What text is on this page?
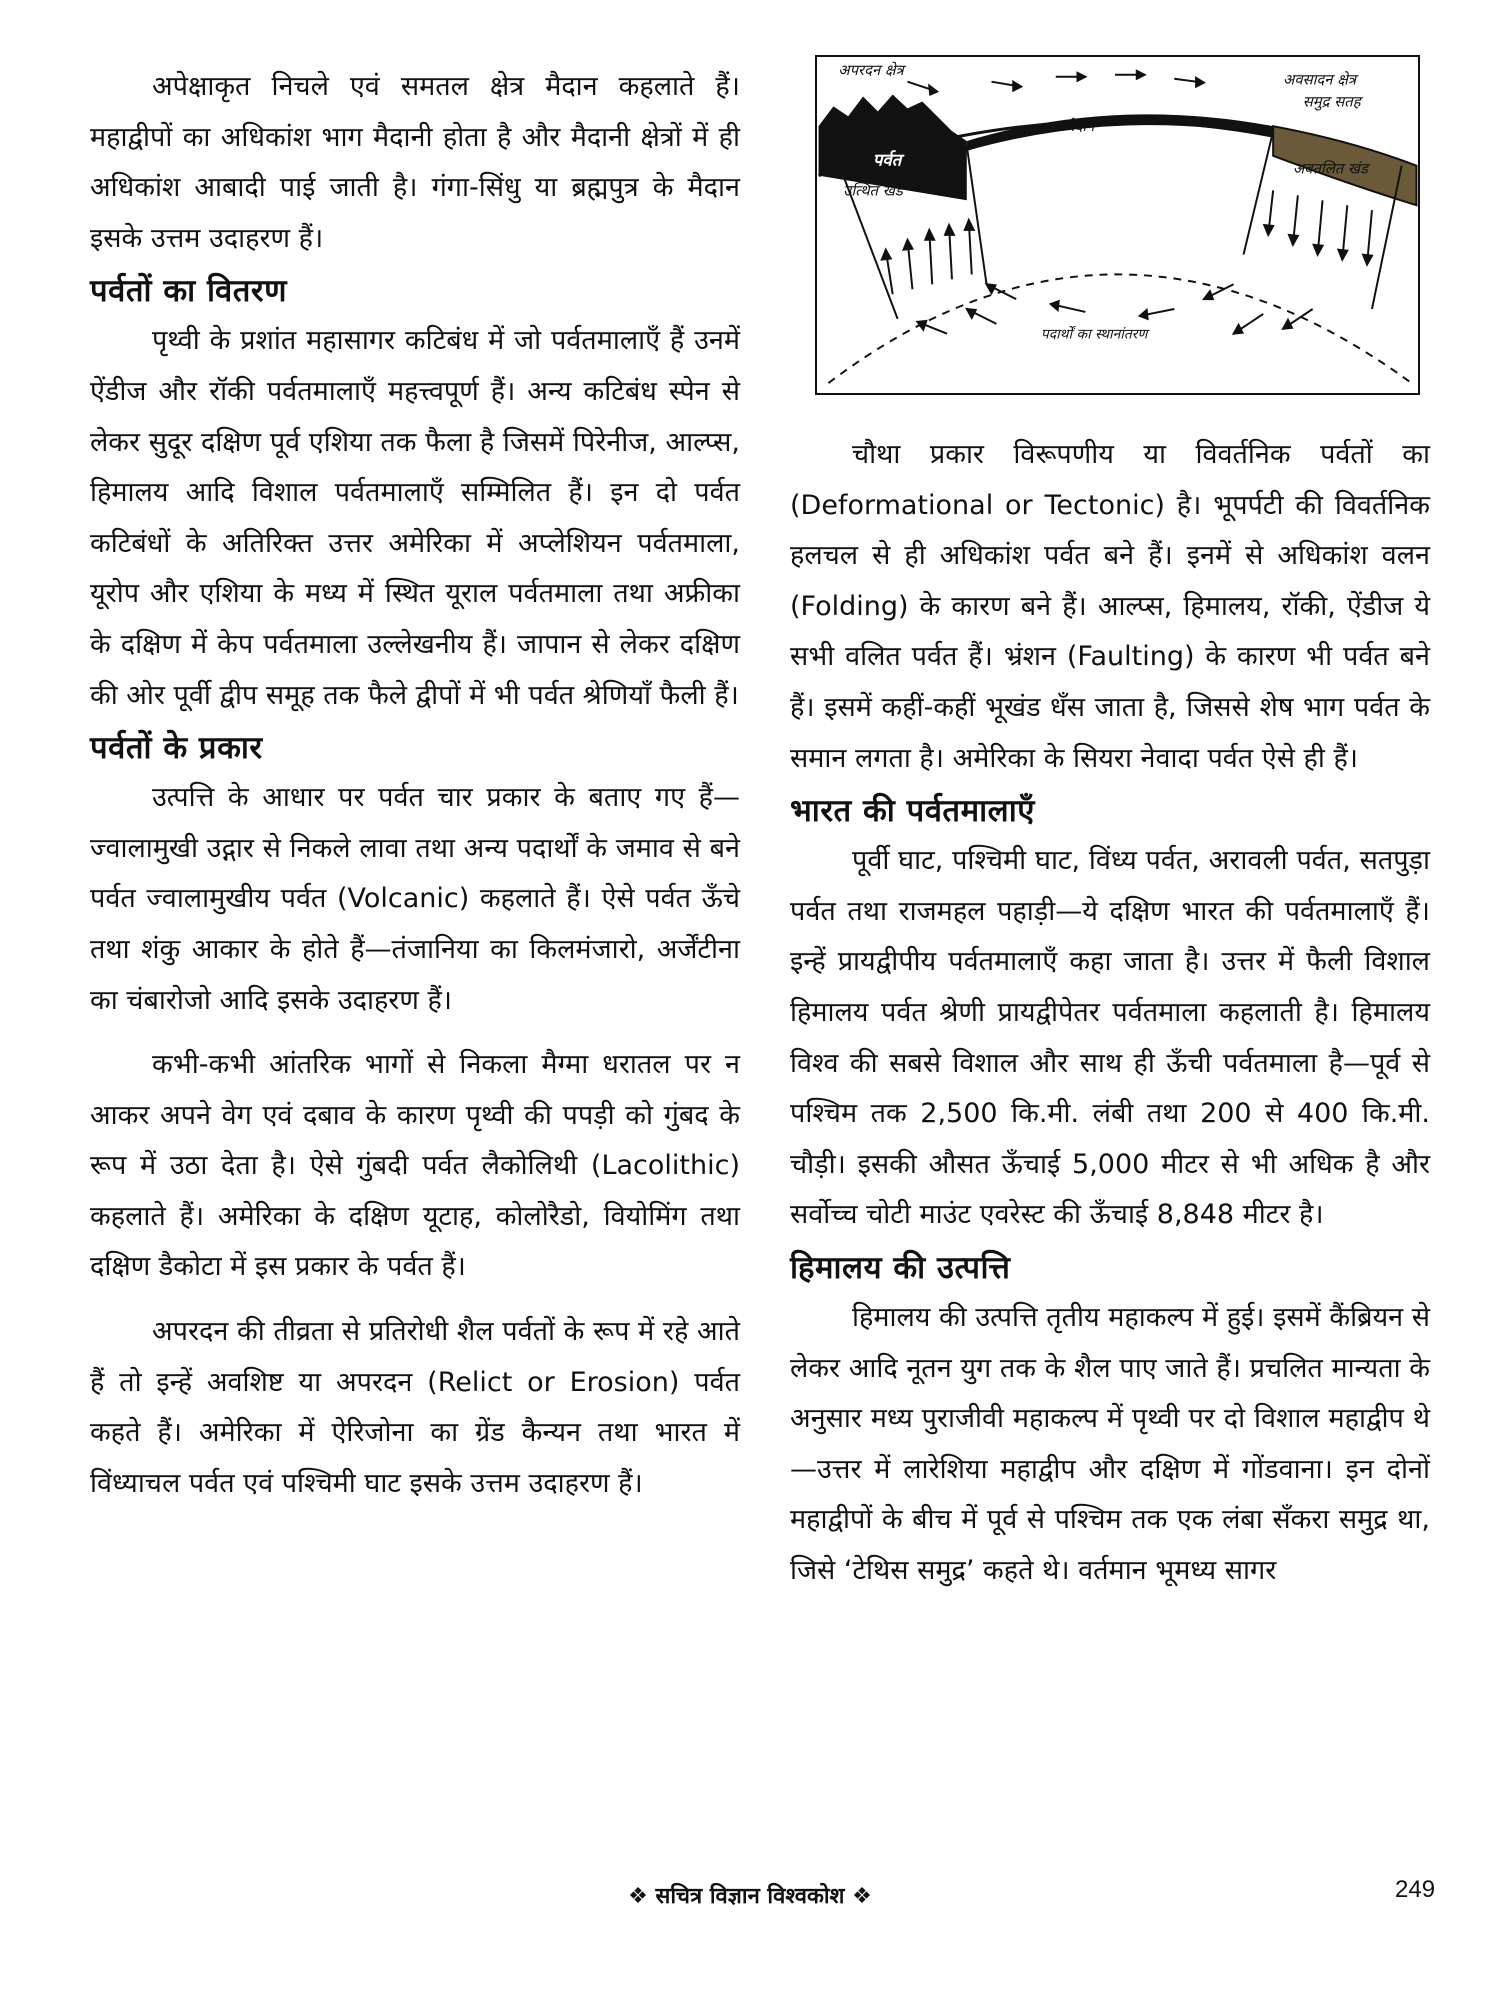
अपेक्षाकृत निचले एवं समतल क्षेत्र मैदान कहलाते हैं। महाद्वीपों का अधिकांश भाग मैदानी होता है और मैदानी क्षेत्रों में ही अधिकांश आबादी पाई जाती है। गंगा-सिंधु या ब्रह्मपुत्र के मैदान इसके उत्तम उदाहरण हैं।

पर्वतों का वितरण

पृथ्वी के प्रशांत महासागर कटिबंध में जो पर्वतमालाएँ हैं उनमें ऐंडीज और रॉकी पर्वतमालाएँ महत्त्वपूर्ण हैं। अन्य कटिबंध स्पेन से लेकर सुदूर दक्षिण पूर्व एशिया तक फैला है जिसमें पिरेनीज, आल्प्स, हिमालय आदि विशाल पर्वतमालाएँ सम्मिलित हैं। इन दो पर्वत कटिबंधों के अतिरिक्त उत्तर अमेरिका में अप्लेशियन पर्वतमाला, यूरोप और एशिया के मध्य में स्थित यूराल पर्वतमाला तथा अफ्रीका के दक्षिण में केप पर्वतमाला उल्लेखनीय हैं। जापान से लेकर दक्षिण की ओर पूर्वी द्वीप समूह तक फैले द्वीपों में भी पर्वत श्रेणियाँ फैली हैं।

पर्वतों के प्रकार

उत्पत्ति के आधार पर पर्वत चार प्रकार के बताए गए हैं—ज्वालामुखी उद्गार से निकले लावा तथा अन्य पदार्थों के जमाव से बने पर्वत ज्वालामुखीय पर्वत (Volcanic) कहलाते हैं। ऐसे पर्वत ऊँचे तथा शंकु आकार के होते हैं—तंजानिया का किलमंजारो, अर्जेंटीना का चंबारोजो आदि इसके उदाहरण हैं।

कभी-कभी आंतरिक भागों से निकला मैग्मा धरातल पर न आकर अपने वेग एवं दबाव के कारण पृथ्वी की पपड़ी को गुंबद के रूप में उठा देता है। ऐसे गुंबदी पर्वत लैकोलिथी (Lacolithic) कहलाते हैं। अमेरिका के दक्षिण यूटाह, कोलोरैडो, वियोमिंग तथा दक्षिण डैकोटा में इस प्रकार के पर्वत हैं।

अपरदन की तीव्रता से प्रतिरोधी शैल पर्वतों के रूप में रहे आते हैं तो इन्हें अवशिष्ट या अपरदन (Relict or Erosion) पर्वत कहते हैं। अमेरिका में ऐरिजोना का ग्रेंड कैन्यन तथा भारत में विंध्याचल पर्वत एवं पश्चिमी घाट इसके उत्तम उदाहरण हैं।

अपरदन क्षेत्र
पर्वत
मैदान
अवसादन क्षेत्र
समुद्र सतह
उत्थित खंड
अवतलित खंड
पदार्थों का स्थानांतरण

चौथा प्रकार विरूपणीय या विवर्तनिक पर्वतों का (Deformational or Tectonic) है। भूपर्पटी की विवर्तनिक हलचल से ही अधिकांश पर्वत बने हैं। इनमें से अधिकांश वलन (Folding) के कारण बने हैं। आल्प्स, हिमालय, रॉकी, ऐंडीज ये सभी वलित पर्वत हैं। भ्रंशन (Faulting) के कारण भी पर्वत बने हैं। इसमें कहीं-कहीं भूखंड धँस जाता है, जिससे शेष भाग पर्वत के समान लगता है। अमेरिका के सियरा नेवादा पर्वत ऐसे ही हैं।

भारत की पर्वतमालाएँ

पूर्वी घाट, पश्चिमी घाट, विंध्य पर्वत, अरावली पर्वत, सतपुड़ा पर्वत तथा राजमहल पहाड़ी—ये दक्षिण भारत की पर्वतमालाएँ हैं। इन्हें प्रायद्वीपीय पर्वतमालाएँ कहा जाता है। उत्तर में फैली विशाल हिमालय पर्वत श्रेणी प्रायद्वीपेतर पर्वतमाला कहलाती है। हिमालय विश्व की सबसे विशाल और साथ ही ऊँची पर्वतमाला है—पूर्व से पश्चिम तक 2,500 कि.मी. लंबी तथा 200 से 400 कि.मी. चौड़ी। इसकी औसत ऊँचाई 5,000 मीटर से भी अधिक है और सर्वोच्च चोटी माउंट एवरेस्ट की ऊँचाई 8,848 मीटर है।

हिमालय की उत्पत्ति

हिमालय की उत्पत्ति तृतीय महाकल्प में हुई। इसमें कैंब्रियन से लेकर आदि नूतन युग तक के शैल पाए जाते हैं। प्रचलित मान्यता के अनुसार मध्य पुराजीवी महाकल्प में पृथ्वी पर दो विशाल महाद्वीप थे—उत्तर में लारेशिया महाद्वीप और दक्षिण में गोंडवाना। इन दोनों महाद्वीपों के बीच में पूर्व से पश्चिम तक एक लंबा सँकरा समुद्र था, जिसे ‘टेथिस समुद्र’ कहते थे। वर्तमान भूमध्य सागर

❖ सचित्र विज्ञान विश्वकोश ❖	249
